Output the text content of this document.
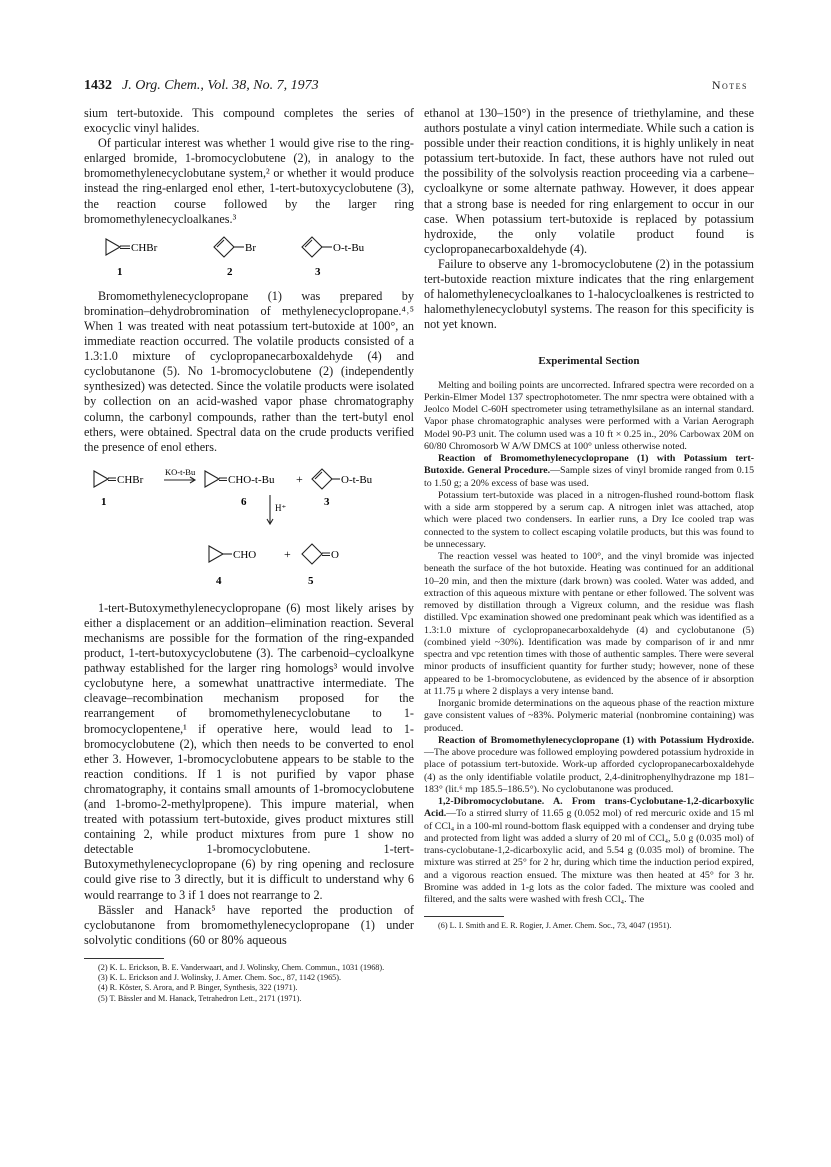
1432 J. Org. Chem., Vol. 38, No. 7, 1973	Notes

sium tert-butoxide. This compound completes the series of exocyclic vinyl halides.

Of particular interest was whether 1 would give rise to the ring-enlarged bromide, 1-bromocyclobutene (2), in analogy to the bromomethylenecyclobutane system,² or whether it would produce instead the ring-enlarged enol ether, 1-tert-butoxycyclobutene (3), the reaction course followed by the larger ring bromomethylenecycloalkanes.³

CHBr	Br	O-t-Bu
1	2	3

Bromomethylenecyclopropane (1) was prepared by bromination–dehydrobromination of methylenecyclopropane.⁴˒⁵ When 1 was treated with neat potassium tert-butoxide at 100°, an immediate reaction occurred. The volatile products consisted of a 1.3:1.0 mixture of cyclopropanecarboxaldehyde (4) and cyclobutanone (5). No 1-bromocyclobutene (2) (independently synthesized) was detected. Since the volatile products were isolated by collection on an acid-washed vapor phase chromatography column, the carbonyl compounds, rather than the tert-butyl enol ethers, were obtained. Spectral data on the crude products verified the presence of enol ethers.

CHBr
KO-t-Bu
CHO-t-Bu +	O-t-Bu
1	6	3
H⁺
CHO +	O
4	5

1-tert-Butoxymethylenecyclopropane (6) most likely arises by either a displacement or an addition–elimination reaction. Several mechanisms are possible for the formation of the ring-expanded product, 1-tert-butoxycyclobutene (3). The carbenoid–cycloalkyne pathway established for the larger ring homologs³ would involve cyclobutyne here, a somewhat unattractive intermediate. The cleavage–recombination mechanism proposed for the rearrangement of bromomethylenecyclobutane to 1-bromocyclopentene,¹ if operative here, would lead to 1-bromocyclobutene (2), which then needs to be converted to enol ether 3. However, 1-bromocyclobutene appears to be stable to the reaction conditions. If 1 is not purified by vapor phase chromatography, it contains small amounts of 1-bromocyclobutene (and 1-bromo-2-methylpropene). This impure material, when treated with potassium tert-butoxide, gives product mixtures still containing 2, while product mixtures from pure 1 show no detectable 1-bromocyclobutene. 1-tert-Butoxymethylenecyclopropane (6) by ring opening and reclosure could give rise to 3 directly, but it is difficult to understand why 6 would rearrange to 3 if 1 does not rearrange to 2.

Bässler and Hanack⁵ have reported the production of cyclobutanone from bromomethylenecyclopropane (1) under solvolytic conditions (60 or 80% aqueous

(2) K. L. Erickson, B. E. Vanderwaart, and J. Wolinsky, Chem. Commun., 1031 (1968).

(3) K. L. Erickson and J. Wolinsky, J. Amer. Chem. Soc., 87, 1142 (1965).

(4) R. Köster, S. Arora, and P. Binger, Synthesis, 322 (1971).

(5) T. Bässler and M. Hanack, Tetrahedron Lett., 2171 (1971).

ethanol at 130–150°) in the presence of triethylamine, and these authors postulate a vinyl cation intermediate. While such a cation is possible under their reaction conditions, it is highly unlikely in neat potassium tert-butoxide. In fact, these authors have not ruled out the possibility of the solvolysis reaction proceeding via a carbene–cycloalkyne or some alternate pathway. However, it does appear that a strong base is needed for ring enlargement to occur in our case. When potassium tert-butoxide is replaced by potassium hydroxide, the only volatile product found is cyclopropanecarboxaldehyde (4).

Failure to observe any 1-bromocyclobutene (2) in the potassium tert-butoxide reaction mixture indicates that the ring enlargement of halomethylenecycloalkanes to 1-halocycloalkenes is restricted to halomethylenecyclobutyl systems. The reason for this specificity is not yet known.

Experimental Section

Melting and boiling points are uncorrected. Infrared spectra were recorded on a Perkin-Elmer Model 137 spectrophotometer. The nmr spectra were obtained with a Jeolco Model C-60H spectrometer using tetramethylsilane as an internal standard. Vapor phase chromatographic analyses were performed with a Varian Aerograph Model 90-P3 unit. The column used was a 10 ft × 0.25 in., 20% Carbowax 20M on 60/80 Chromosorb W A/W DMCS at 100° unless otherwise noted.

Reaction of Bromomethylenecyclopropane (1) with Potassium tert-Butoxide. General Procedure.—Sample sizes of vinyl bromide ranged from 0.15 to 1.50 g; a 20% excess of base was used.

Potassium tert-butoxide was placed in a nitrogen-flushed round-bottom flask with a side arm stoppered by a serum cap. A nitrogen inlet was attached, atop which were placed two condensers. In earlier runs, a Dry Ice cooled trap was connected to the system to collect escaping volatile products, but this was found to be unnecessary.

The reaction vessel was heated to 100°, and the vinyl bromide was injected beneath the surface of the hot butoxide. Heating was continued for an additional 10–20 min, and then the mixture (dark brown) was cooled. Water was added, and extraction of this aqueous mixture with pentane or ether followed. The solvent was removed by distillation through a Vigreux column, and the residue was flash distilled. Vpc examination showed one predominant peak which was identified as a 1.3:1.0 mixture of cyclopropanecarboxaldehyde (4) and cyclobutanone (5) (combined yield ~30%). Identification was made by comparison of ir and nmr spectra and vpc retention times with those of authentic samples. There were several minor products of insufficient quantity for further study; however, none of these appeared to be 1-bromocyclobutene, as evidenced by the absence of ir absorption at 11.75 μ where 2 displays a very intense band.

Inorganic bromide determinations on the aqueous phase of the reaction mixture gave consistent values of ~83%. Polymeric material (nonbromine containing) was produced.

Reaction of Bromomethylenecyclopropane (1) with Potassium Hydroxide.—The above procedure was followed employing powdered potassium hydroxide in place of potassium tert-butoxide. Work-up afforded cyclopropanecarboxaldehyde (4) as the only identifiable volatile product, 2,4-dinitrophenylhydrazone mp 181–183° (lit.⁶ mp 185.5–186.5°). No cyclobutanone was produced.

1,2-Dibromocyclobutane. A. From trans-Cyclobutane-1,2-dicarboxylic Acid.—To a stirred slurry of 11.65 g (0.052 mol) of red mercuric oxide and 15 ml of CCl₄ in a 100-ml round-bottom flask equipped with a condenser and drying tube and protected from light was added a slurry of 20 ml of CCl₄, 5.0 g (0.035 mol) of trans-cyclobutane-1,2-dicarboxylic acid, and 5.54 g (0.035 mol) of bromine. The mixture was stirred at 25° for 2 hr, during which time the induction period expired, and a vigorous reaction ensued. The mixture was then heated at 45° for 3 hr. Bromine was added in 1-g lots as the color faded. The mixture was cooled and filtered, and the salts were washed with fresh CCl₄. The

(6) L. I. Smith and E. R. Rogier, J. Amer. Chem. Soc., 73, 4047 (1951).
